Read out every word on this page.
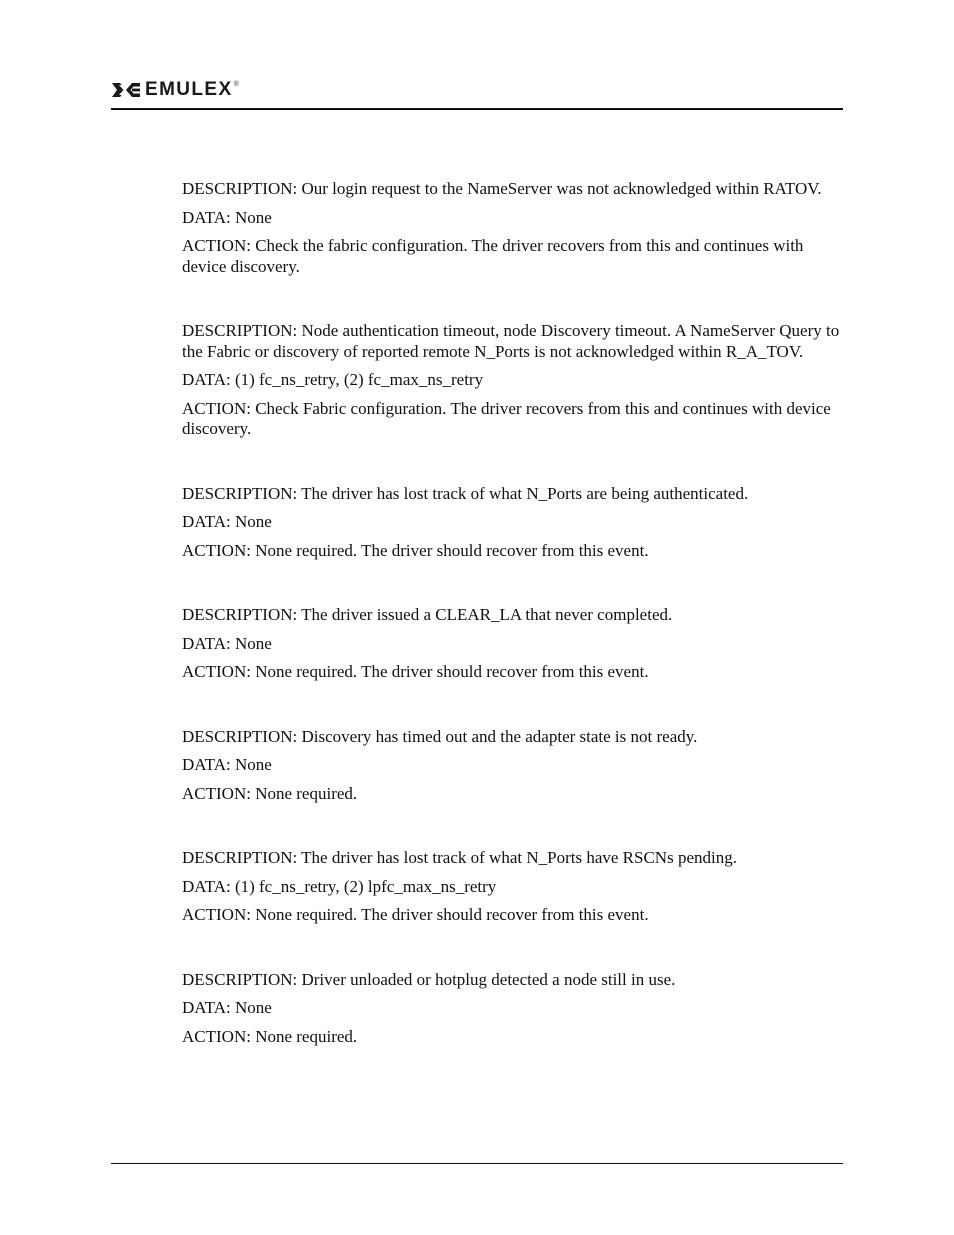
EMULEX ®

DESCRIPTION: Our login request to the NameServer was not acknowledged within RATOV.

DATA: None

ACTION: Check the fabric configuration. The driver recovers from this and continues with device discovery.

DESCRIPTION: Node authentication timeout, node Discovery timeout. A NameServer Query to the Fabric or discovery of reported remote N_Ports is not acknowledged within R_A_TOV.

DATA: (1) fc_ns_retry, (2) fc_max_ns_retry

ACTION: Check Fabric configuration. The driver recovers from this and continues with device discovery.

DESCRIPTION: The driver has lost track of what N_Ports are being authenticated.

DATA: None

ACTION: None required. The driver should recover from this event.

DESCRIPTION: The driver issued a CLEAR_LA that never completed.

DATA: None

ACTION: None required. The driver should recover from this event.

DESCRIPTION: Discovery has timed out and the adapter state is not ready.

DATA: None

ACTION: None required.

DESCRIPTION: The driver has lost track of what N_Ports have RSCNs pending.

DATA: (1) fc_ns_retry, (2) lpfc_max_ns_retry

ACTION: None required. The driver should recover from this event.

DESCRIPTION: Driver unloaded or hotplug detected a node still in use.

DATA: None

ACTION: None required.
